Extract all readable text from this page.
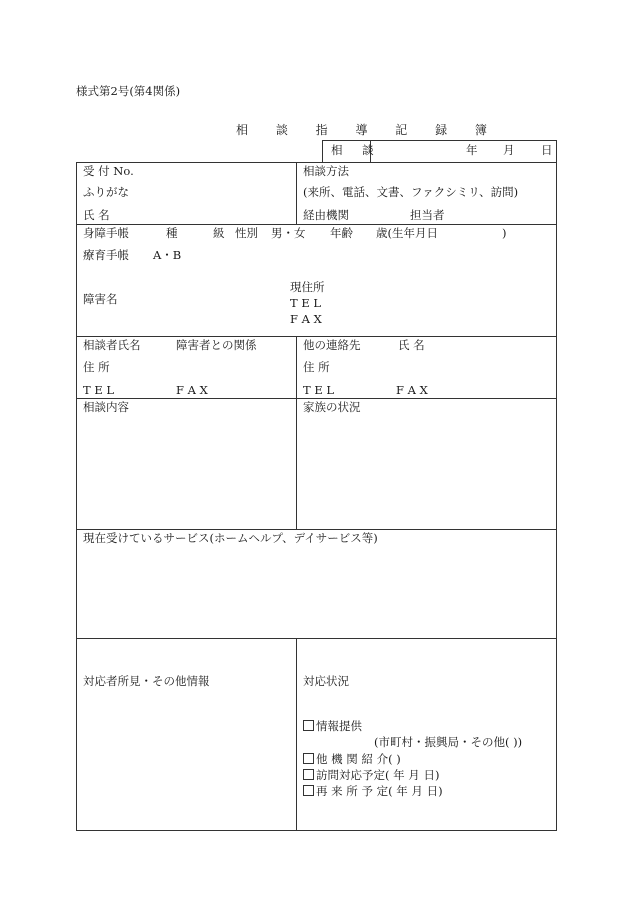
様式第2号(第4関係)
相 談 指 導 記 録 簿
相 談	年 月 日
受 付 No.
ふりがな
氏 名
相談方法
(来所、電話、文書、ファクシミリ、訪問)
経由機関	担当者
身障手帳	種	級 性別 男・女 年齢 歳(生年月日	)
療育手帳 A・B
障害名
現住所
T E L
F A X
相談者氏名	障害者との関係
住 所
T E L	F A X
他の連絡先	氏 名
住 所
T E L	F A X
相談内容	家族の状況
現在受けているサービス(ホームヘルプ、デイサービス等)
対応者所見・その他情報	対応状況
情報提供
(市町村・振興局・その他( ))
他 機 関 紹 介( )
訪問対応予定( 年 月 日)
再 来 所 予 定( 年 月 日)
